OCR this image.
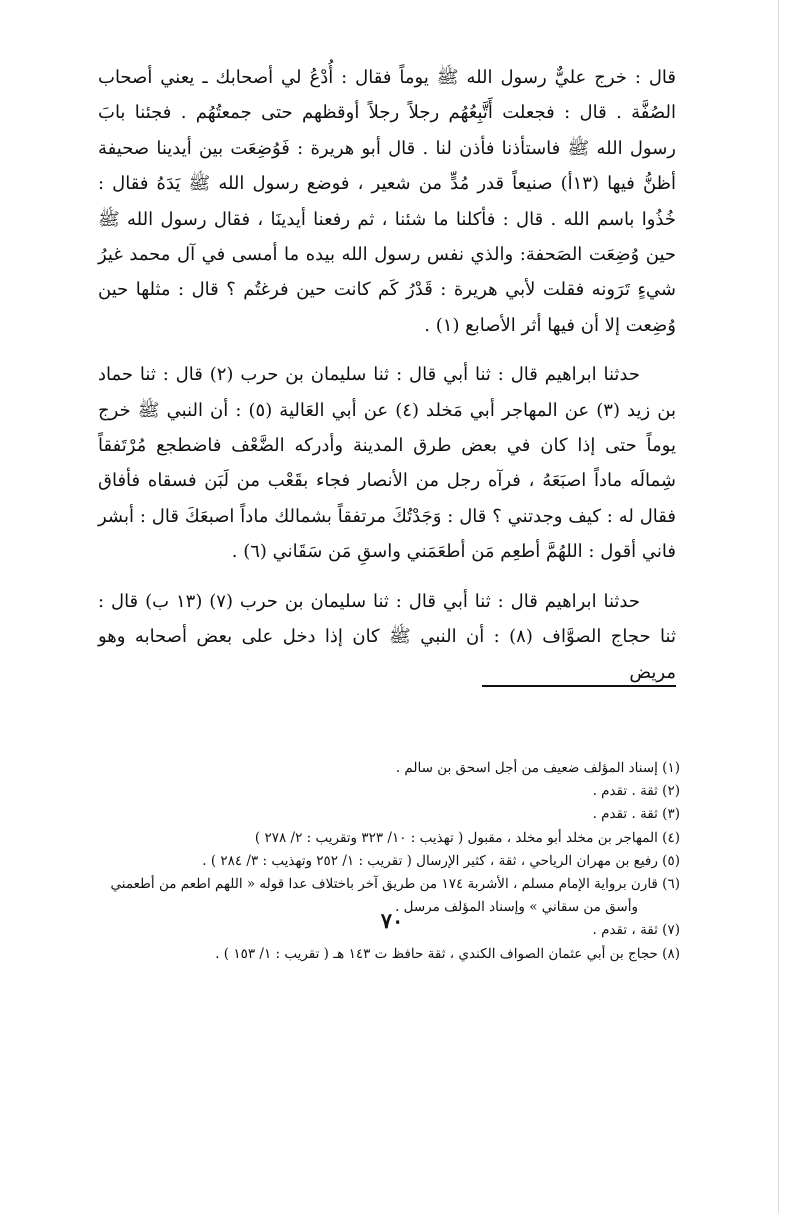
قال : خرج عليٌّ رسول الله ﷺ يوماً فقال : أُدْعُ لي أصحابك ـ يعني أصحاب الصُفَّة . قال : فجعلت أَتَّبِعُهُم رجلاً رجلاً أوقظهم حتى جمعتُهُم . فجئنا بابَ رسول الله ﷺ فاستأذنا فأذن لنا . قال أبو هريرة : فَوُضِعَت بين أيدينا صحيفة أظنُّ فيها (١٣أ) صنيعاً قدر مُدٍّ من شعير ، فوضع رسول الله ﷺ يَدَهُ فقال : خُذُوا باسم الله . قال : فأكلنا ما شئنا ، ثم رفعنا أيدينَا ، فقال رسول الله ﷺ حين وُضِعَت الصَحفة: والذي نفس رسول الله بيده ما أمسى في آل محمد غيرُ شيءٍ تَرَونه فقلت لأبي هريرة : قَدْرُ كَم كانت حين فرغتُم ؟ قال : مثلها حين وُضِعت إلا أن فيها أثر الأصابع (١) .

حدثنا ابراهيم قال : ثنا أبي قال : ثنا سليمان بن حرب (٢) قال : ثنا حماد بن زيد (٣) عن المهاجر أبي مَخلد (٤) عن أبي العَالية (٥) : أن النبي ﷺ خرج يوماً حتى إذا كان في بعض طرق المدينة وأدركه الضَّعْف فاضطجع مُرْتَفقاً شِمالَه ماداً اصبَعَهُ ، فرآه رجل من الأنصار فجاء بقَعْب من لَبَن فسقاه فأفاق فقال له : كيف وجدتني ؟ قال : وَجَدْتُكَ مرتفقاً بشمالك ماداً اصبعَكَ قال : أبشر فاني أقول : اللهُمَّ أطعِم مَن أطعَمَني واسقِ مَن سَقَاني (٦) .

حدثنا ابراهيم قال : ثنا أبي قال : ثنا سليمان بن حرب (٧) (١٣ ب) قال : ثنا حجاج الصوَّاف (٨) : أن النبي ﷺ كان إذا دخل على بعض أصحابه وهو مريض

(١) إسناد المؤلف ضعيف من أجل اسحق بن سالم .

(٢) ثقة . تقدم .

(٣) ثقة . تقدم .

(٤) المهاجر بن مخلد أبو مخلد ، مقبول ( تهذيب : ١٠/ ٣٢٣ وتقريب : ٢/ ٢٧٨ )

(٥) رفيع بن مهران الرياحي ، ثقة ، كثير الإرسال ( تقريب : ١/ ٢٥٢ وتهذيب : ٣/ ٢٨٤ ) .

(٦) قارن برواية الإمام مسلم ، الأشربة ١٧٤ من طريق آخر باختلاف عدا قوله « اللهم اطعم من أطعمني

وأسق من سقاني » وإسناد المؤلف مرسل .

(٧) ثقة ، تقدم .

(٨) حجاج بن أبي عثمان الصواف الكندي ، ثقة حافظ ت ١٤٣ هـ ( تقريب : ١/ ١٥٣ ) .

٧٠
